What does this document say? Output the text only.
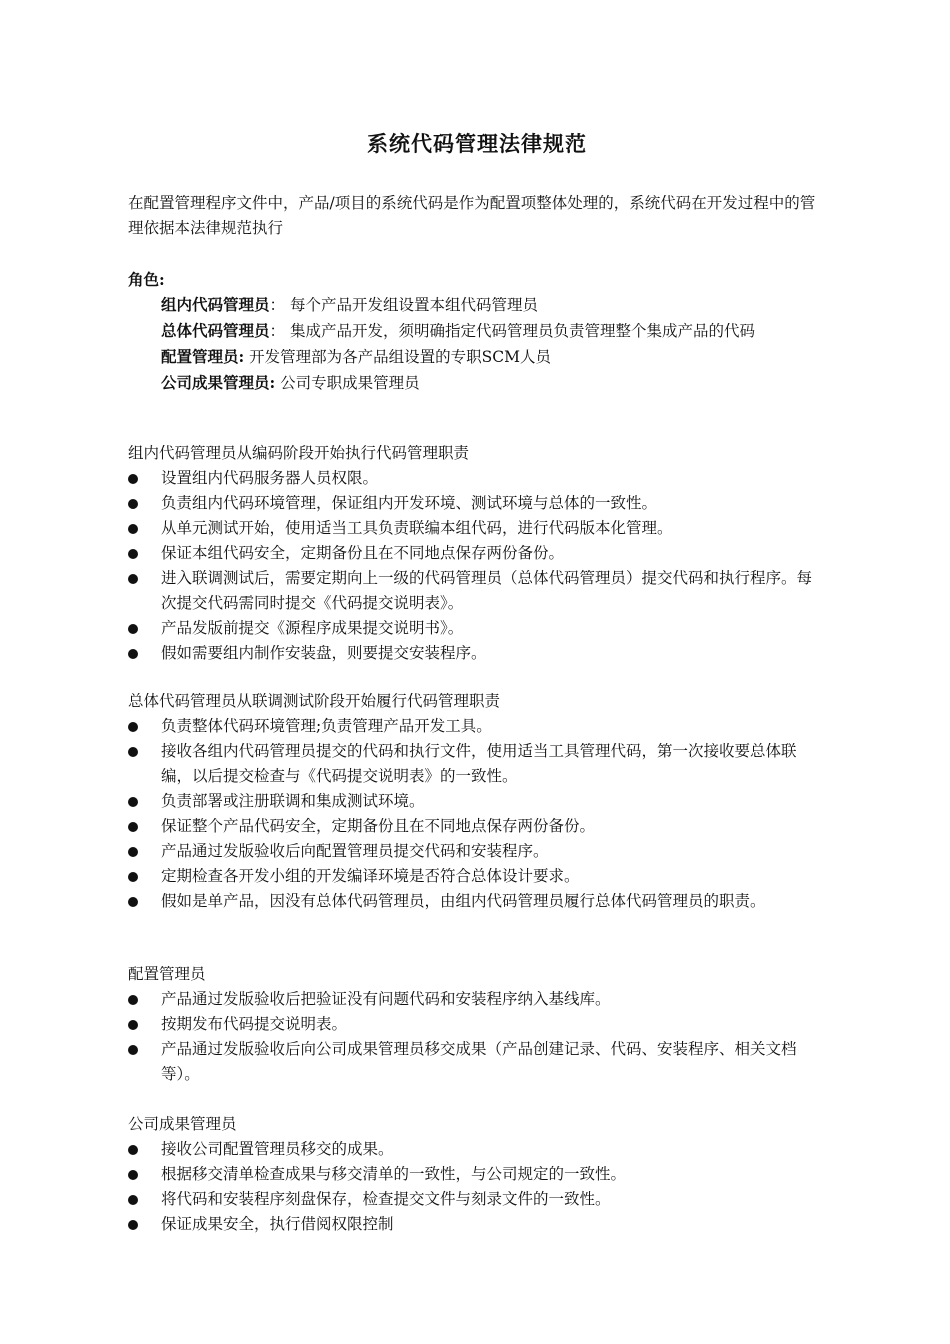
系统代码管理法律规范

在配置管理程序文件中，产品/项目的系统代码是作为配置项整体处理的，系统代码在开发过程中的管理依据本法律规范执行

角色:
组内代码管理员： 每个产品开发组设置本组代码管理员
总体代码管理员： 集成产品开发，须明确指定代码管理员负责管理整个集成产品的代码
配置管理员: 开发管理部为各产品组设置的专职SCM人员
公司成果管理员: 公司专职成果管理员

组内代码管理员从编码阶段开始执行代码管理职责

设置组内代码服务器人员权限。
负责组内代码环境管理，保证组内开发环境、测试环境与总体的一致性。
从单元测试开始，使用适当工具负责联编本组代码，进行代码版本化管理。
保证本组代码安全，定期备份且在不同地点保存两份备份。
进入联调测试后，需要定期向上一级的代码管理员（总体代码管理员）提交代码和执行程序。每次提交代码需同时提交《代码提交说明表》。
产品发版前提交《源程序成果提交说明书》。
假如需要组内制作安装盘，则要提交安装程序。

总体代码管理员从联调测试阶段开始履行代码管理职责

负责整体代码环境管理;负责管理产品开发工具。
接收各组内代码管理员提交的代码和执行文件，使用适当工具管理代码，第一次接收要总体联编，以后提交检查与《代码提交说明表》的一致性。
负责部署或注册联调和集成测试环境。
保证整个产品代码安全，定期备份且在不同地点保存两份备份。
产品通过发版验收后向配置管理员提交代码和安装程序。
定期检查各开发小组的开发编译环境是否符合总体设计要求。
假如是单产品，因没有总体代码管理员，由组内代码管理员履行总体代码管理员的职责。

配置管理员

产品通过发版验收后把验证没有问题代码和安装程序纳入基线库。
按期发布代码提交说明表。
产品通过发版验收后向公司成果管理员移交成果（产品创建记录、代码、安装程序、相关文档等）。

公司成果管理员

接收公司配置管理员移交的成果。
根据移交清单检查成果与移交清单的一致性，与公司规定的一致性。
将代码和安装程序刻盘保存，检查提交文件与刻录文件的一致性。
保证成果安全，执行借阅权限控制
